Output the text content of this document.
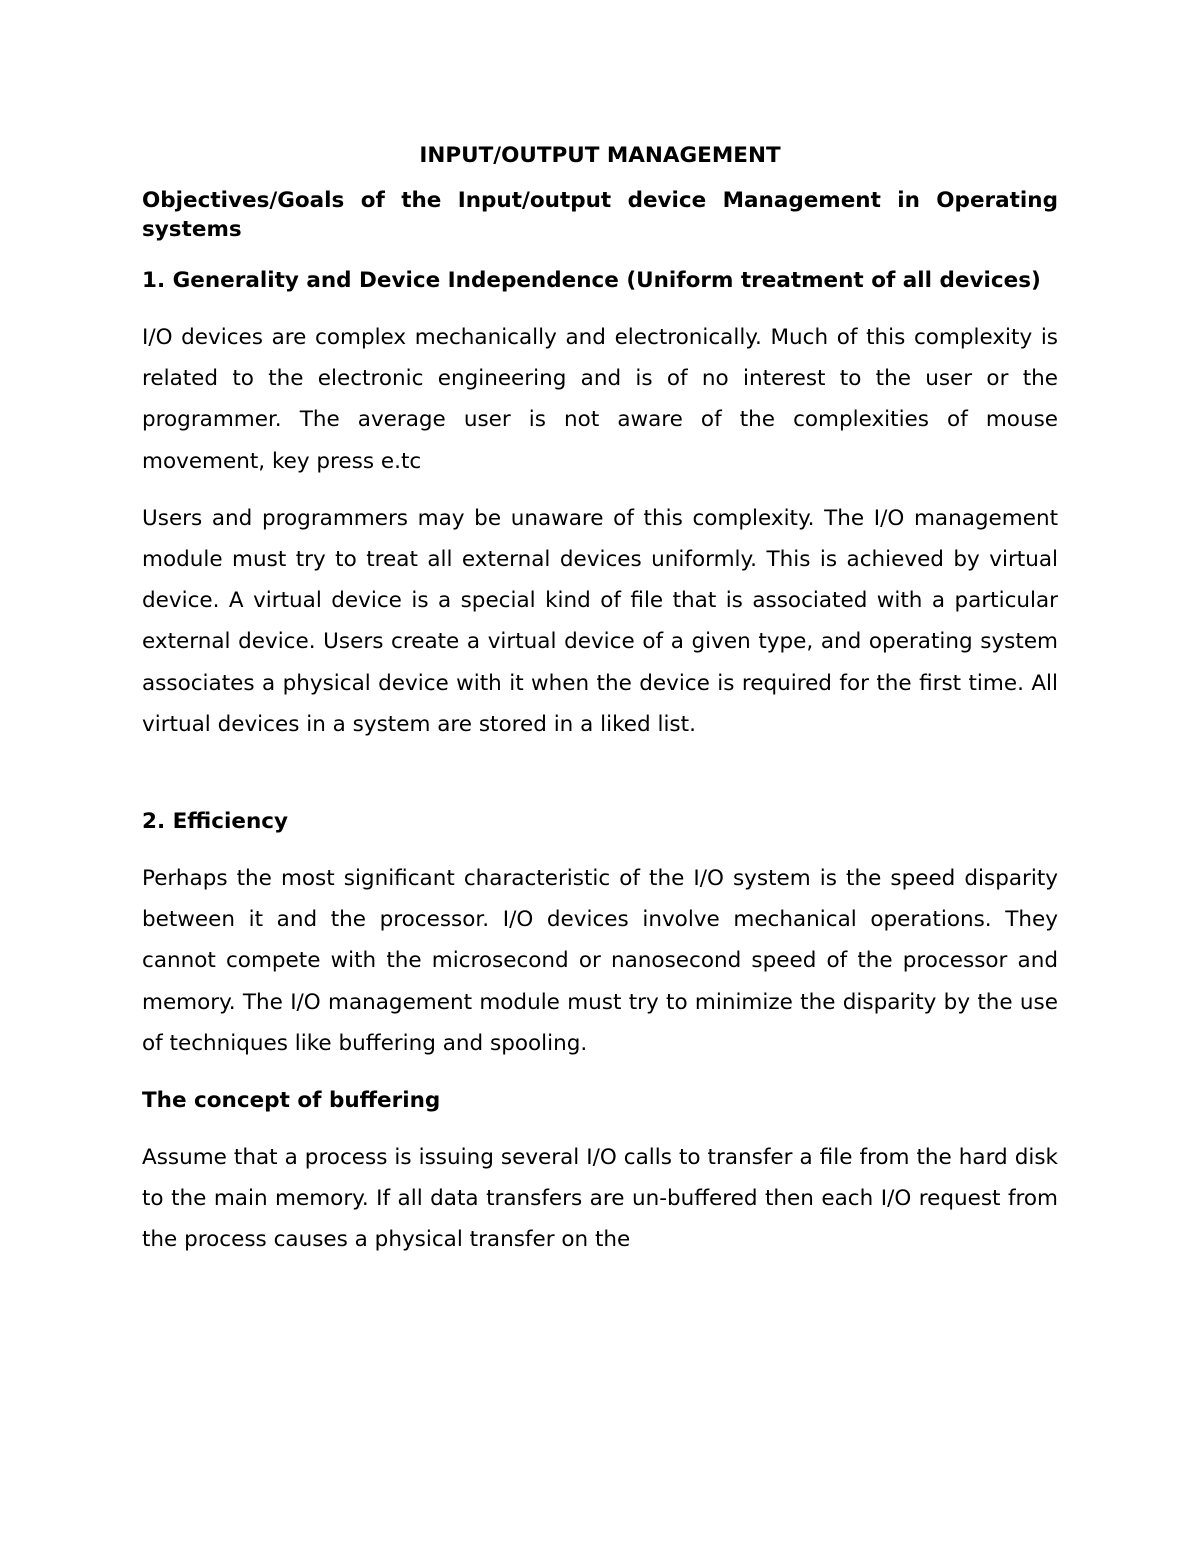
INPUT/OUTPUT MANAGEMENT
Objectives/Goals of the Input/output device Management in Operating systems
1. Generality and Device Independence (Uniform treatment of all devices)

I/O devices are complex mechanically and electronically. Much of this complexity is related to the electronic engineering and is of no interest to the user or the programmer. The average user is not aware of the complexities of mouse movement, key press e.tc

Users and programmers may be unaware of this complexity. The I/O management module must try to treat all external devices uniformly. This is achieved by virtual device. A virtual device is a special kind of file that is associated with a particular external device. Users create a virtual device of a given type, and operating system associates a physical device with it when the device is required for the first time. All virtual devices in a system are stored in a liked list.

2. Efficiency

Perhaps the most significant characteristic of the I/O system is the speed disparity between it and the processor. I/O devices involve mechanical operations. They cannot compete with the microsecond or nanosecond speed of the processor and memory. The I/O management module must try to minimize the disparity by the use of techniques like buffering and spooling.

The concept of buffering

Assume that a process is issuing several I/O calls to transfer a file from the hard disk to the main memory. If all data transfers are un-buffered then each I/O request from the process causes a physical transfer on the
